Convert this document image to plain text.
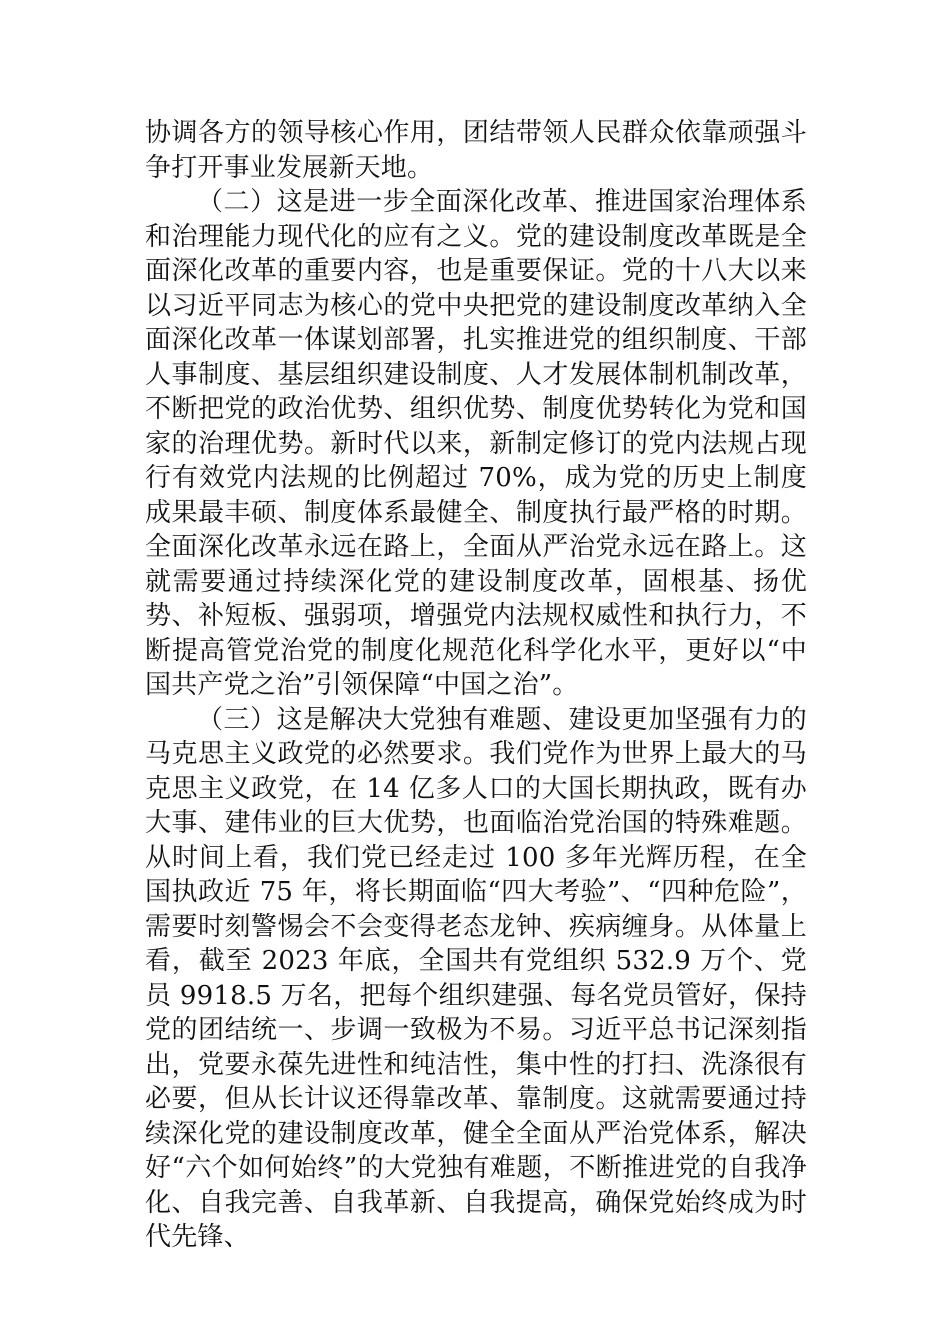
协调各方的领导核心作用，团结带领人民群众依靠顽强斗争打开事业发展新天地。

（二）这是进一步全面深化改革、推进国家治理体系和治理能力现代化的应有之义。党的建设制度改革既是全面深化改革的重要内容，也是重要保证。党的十八大以来以习近平同志为核心的党中央把党的建设制度改革纳入全面深化改革一体谋划部署，扎实推进党的组织制度、干部人事制度、基层组织建设制度、人才发展体制机制改革，不断把党的政治优势、组织优势、制度优势转化为党和国家的治理优势。新时代以来，新制定修订的党内法规占现行有效党内法规的比例超过 70%，成为党的历史上制度成果最丰硕、制度体系最健全、制度执行最严格的时期。全面深化改革永远在路上，全面从严治党永远在路上。这就需要通过持续深化党的建设制度改革，固根基、扬优势、补短板、强弱项，增强党内法规权威性和执行力，不断提高管党治党的制度化规范化科学化水平，更好以“中国共产党之治”引领保障“中国之治”。

（三）这是解决大党独有难题、建设更加坚强有力的马克思主义政党的必然要求。我们党作为世界上最大的马克思主义政党，在 14 亿多人口的大国长期执政，既有办大事、建伟业的巨大优势，也面临治党治国的特殊难题。从时间上看，我们党已经走过 100 多年光辉历程，在全国执政近 75 年，将长期面临“四大考验”、“四种危险”，需要时刻警惕会不会变得老态龙钟、疾病缠身。从体量上看，截至 2023 年底，全国共有党组织 532.9 万个、党员 9918.5 万名，把每个组织建强、每名党员管好，保持党的团结统一、步调一致极为不易。习近平总书记深刻指出，党要永葆先进性和纯洁性，集中性的打扫、洗涤很有必要，但从长计议还得靠改革、靠制度。这就需要通过持续深化党的建设制度改革，健全全面从严治党体系，解决好“六个如何始终”的大党独有难题，不断推进党的自我净化、自我完善、自我革新、自我提高，确保党始终成为时代先锋、
